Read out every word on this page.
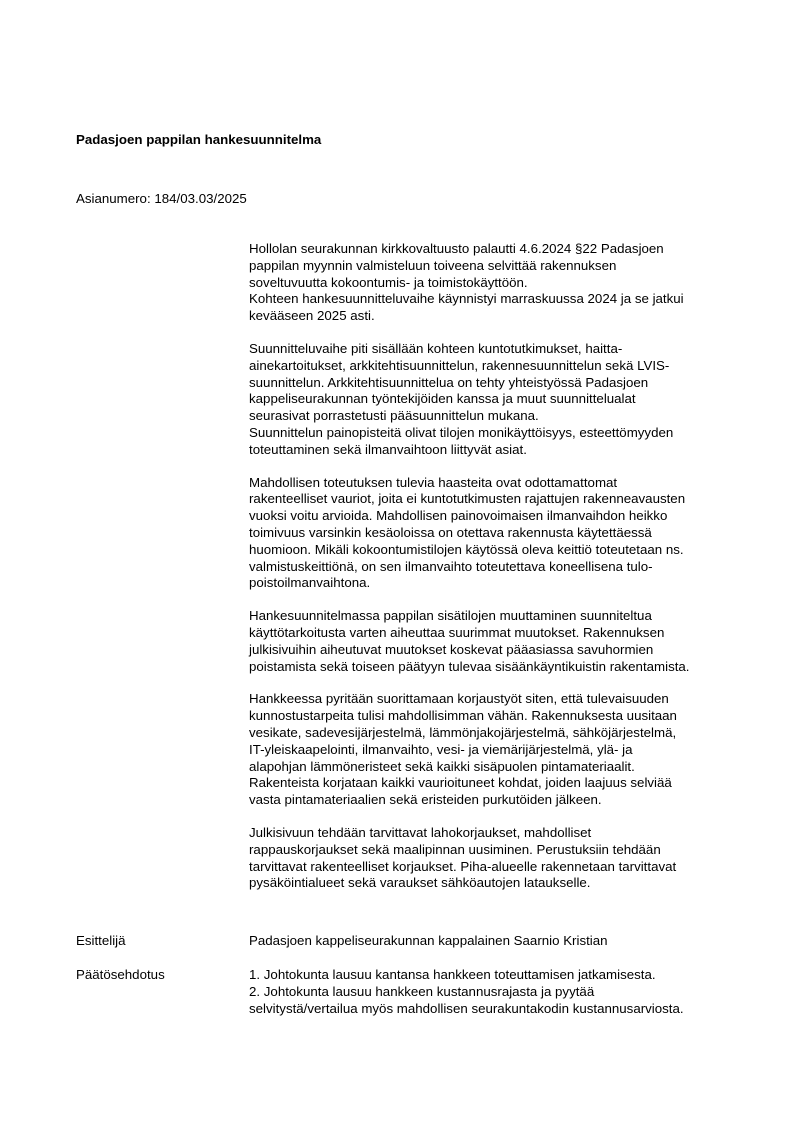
Padasjoen pappilan hankesuunnitelma

Asianumero: 184/03.03/2025

Hollolan seurakunnan kirkkovaltuusto palautti 4.6.2024 §22 Padasjoen
pappilan myynnin valmisteluun toiveena selvittää rakennuksen
soveltuvuutta kokoontumis- ja toimistokäyttöön.
Kohteen hankesuunnitteluvaihe käynnistyi marraskuussa 2024 ja se jatkui
kevääseen 2025 asti.

Suunnitteluvaihe piti sisällään kohteen kuntotutkimukset, haitta-
ainekartoitukset, arkkitehtisuunnittelun, rakennesuunnittelun sekä LVIS-
suunnittelun. Arkkitehtisuunnittelua on tehty yhteistyössä Padasjoen
kappeliseurakunnan työntekijöiden kanssa ja muut suunnittelualat
seurasivat porrastetusti pääsuunnittelun mukana.
Suunnittelun painopisteitä olivat tilojen monikäyttöisyys, esteettömyyden
toteuttaminen sekä ilmanvaihtoon liittyvät asiat.

Mahdollisen toteutuksen tulevia haasteita ovat odottamattomat
rakenteelliset vauriot, joita ei kuntotutkimusten rajattujen rakenneavausten
vuoksi voitu arvioida. Mahdollisen painovoimaisen ilmanvaihdon heikko
toimivuus varsinkin kesäoloissa on otettava rakennusta käytettäessä
huomioon. Mikäli kokoontumistilojen käytössä oleva keittiö toteutetaan ns.
valmistuskeittiönä, on sen ilmanvaihto toteutettava koneellisena tulo-
poistoilmanvaihtona.

Hankesuunnitelmassa pappilan sisätilojen muuttaminen suunniteltua
käyttötarkoitusta varten aiheuttaa suurimmat muutokset. Rakennuksen
julkisivuihin aiheutuvat muutokset koskevat pääasiassa savuhormien
poistamista sekä toiseen päätyyn tulevaa sisäänkäyntikuistin rakentamista.

Hankkeessa pyritään suorittamaan korjaustyöt siten, että tulevaisuuden
kunnostustarpeita tulisi mahdollisimman vähän. Rakennuksesta uusitaan
vesikate, sadevesijärjestelmä, lämmönjakojärjestelmä, sähköjärjestelmä,
IT-yleiskaapelointi, ilmanvaihto, vesi- ja viemärijärjestelmä, ylä- ja
alapohjan lämmöneristeet sekä kaikki sisäpuolen pintamateriaalit.
Rakenteista korjataan kaikki vaurioituneet kohdat, joiden laajuus selviää
vasta pintamateriaalien sekä eristeiden purkutöiden jälkeen.

Julkisivuun tehdään tarvittavat lahokorjaukset, mahdolliset
rappauskorjaukset sekä maalipinnan uusiminen. Perustuksiin tehdään
tarvittavat rakenteelliset korjaukset. Piha-alueelle rakennetaan tarvittavat
pysäköintialueet sekä varaukset sähköautojen lataukselle.

Esittelijä	Padasjoen kappeliseurakunnan kappalainen Saarnio Kristian
Päätösehdotus	1. Johtokunta lausuu kantansa hankkeen toteuttamisen jatkamisesta.
2. Johtokunta lausuu hankkeen kustannusrajasta ja pyytää
selvitystä/vertailua myös mahdollisen seurakuntakodin kustannusarviosta.
